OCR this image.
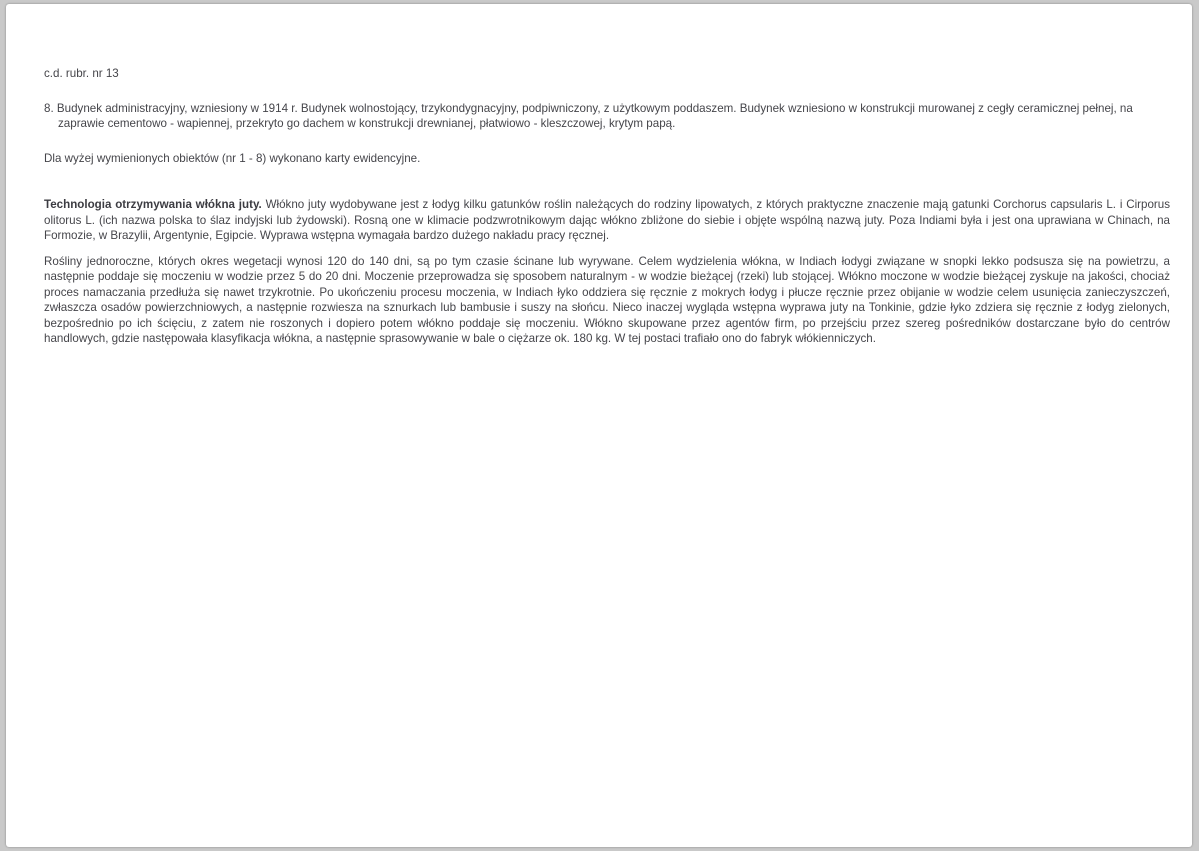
c.d. rubr. nr 13
8. Budynek administracyjny, wzniesiony w 1914 r. Budynek wolnostojący, trzykondygnacyjny, podpiwniczony, z użytkowym poddaszem. Budynek wzniesiono w konstrukcji murowanej z cegły ceramicznej pełnej, na zaprawie cementowo - wapiennej, przekryto go dachem w konstrukcji drewnianej, płatwiowo - kleszczowej, krytym papą.
Dla wyżej wymienionych obiektów (nr 1 - 8) wykonano karty ewidencyjne.
Technologia otrzymywania włókna juty. Włókno juty wydobywane jest z łodyg kilku gatunków roślin należących do rodziny lipowatych, z których praktyczne znaczenie mają gatunki Corchorus capsularis L. i Cirporus olitorus L. (ich nazwa polska to ślaz indyjski lub żydowski). Rosną one w klimacie podzwrotnikowym dając włókno zbliżone do siebie i objęte wspólną nazwą juty. Poza Indiami była i jest ona uprawiana w Chinach, na Formozie, w Brazylii, Argentynie, Egipcie. Wyprawa wstępna wymagała bardzo dużego nakładu pracy ręcznej.
Rośliny jednoroczne, których okres wegetacji wynosi 120 do 140 dni, są po tym czasie ścinane lub wyrywane. Celem wydzielenia włókna, w Indiach łodygi związane w snopki lekko podsusza się na powietrzu, a następnie poddaje się moczeniu w wodzie przez 5 do 20 dni. Moczenie przeprowadza się sposobem naturalnym - w wodzie bieżącej (rzeki) lub stojącej. Włókno moczone w wodzie bieżącej zyskuje na jakości, chociaż proces namaczania przedłuża się nawet trzykrotnie. Po ukończeniu procesu moczenia, w Indiach łyko oddziera się ręcznie z mokrych łodyg i płucze ręcznie przez obijanie w wodzie celem usunięcia zanieczyszczeń, zwłaszcza osadów powierzchniowych, a następnie rozwiesza na sznurkach lub bambusie i suszy na słońcu. Nieco inaczej wygląda wstępna wyprawa juty na Tonkinie, gdzie łyko zdziera się ręcznie z łodyg zielonych, bezpośrednio po ich ścięciu, z zatem nie roszonych i dopiero potem włókno poddaje się moczeniu. Włókno skupowane przez agentów firm, po przejściu przez szereg pośredników dostarczane było do centrów handlowych, gdzie następowała klasyfikacja włókna, a następnie sprasowywanie w bale o ciężarze ok. 180 kg. W tej postaci trafiało ono do fabryk włókienniczych.
